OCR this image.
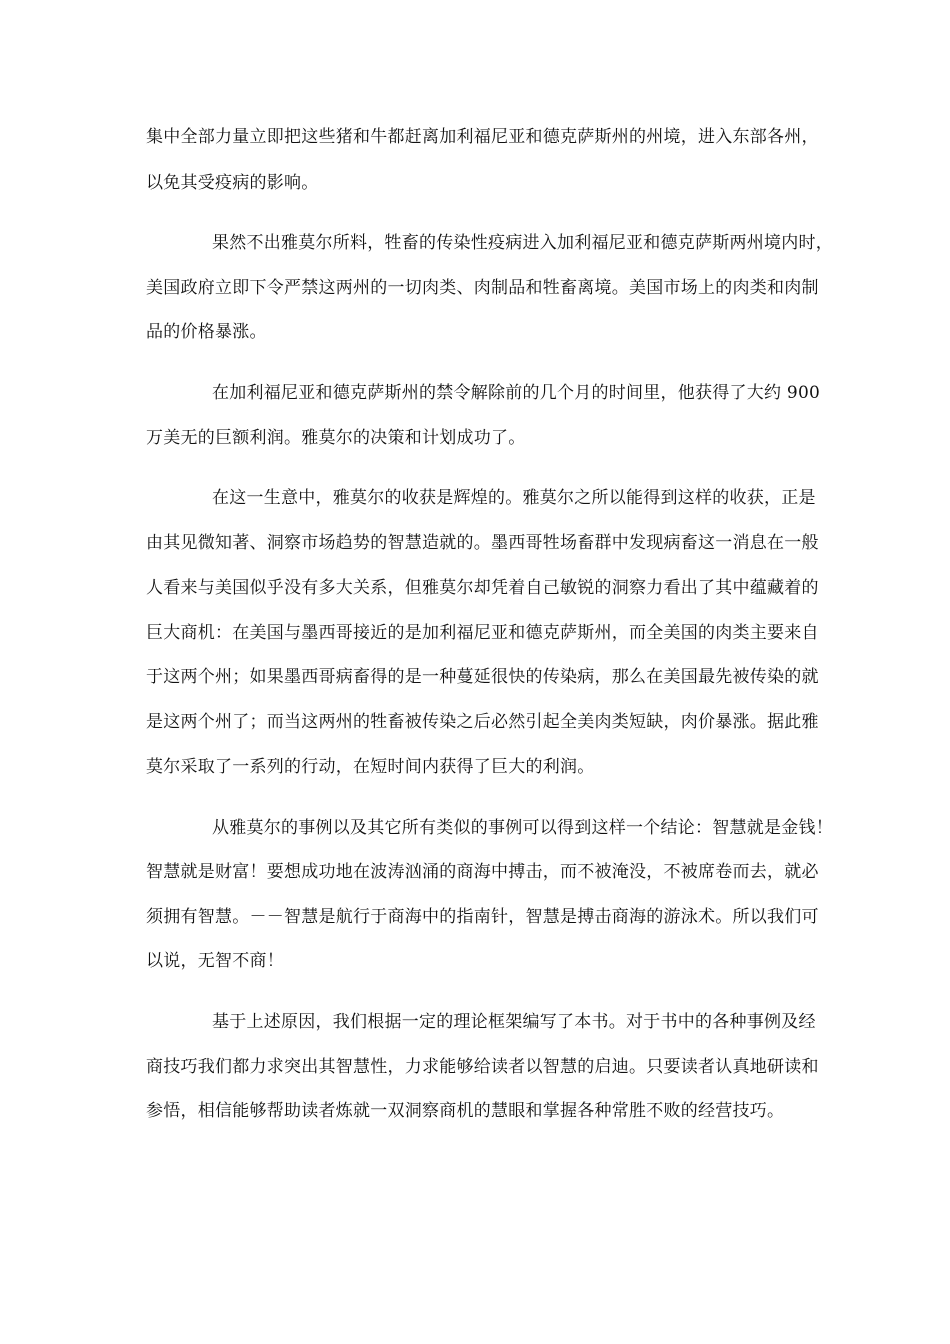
集中全部力量立即把这些猪和牛都赶离加利福尼亚和德克萨斯州的州境，进入东部各州，
以免其受疫病的影响。
果然不出雅莫尔所料，牲畜的传染性疫病进入加利福尼亚和德克萨斯两州境内时，
美国政府立即下令严禁这两州的一切肉类、肉制品和牲畜离境。美国市场上的肉类和肉制
品的价格暴涨。
在加利福尼亚和德克萨斯州的禁令解除前的几个月的时间里，他获得了大约 900
万美无的巨额利润。雅莫尔的决策和计划成功了。
在这一生意中，雅莫尔的收获是辉煌的。雅莫尔之所以能得到这样的收获，正是
由其见微知著、洞察市场趋势的智慧造就的。墨西哥牲场畜群中发现病畜这一消息在一般
人看来与美国似乎没有多大关系，但雅莫尔却凭着自己敏锐的洞察力看出了其中蕴藏着的
巨大商机：在美国与墨西哥接近的是加利福尼亚和德克萨斯州，而全美国的肉类主要来自
于这两个州；如果墨西哥病畜得的是一种蔓延很快的传染病，那么在美国最先被传染的就
是这两个州了；而当这两州的牲畜被传染之后必然引起全美肉类短缺，肉价暴涨。据此雅
莫尔采取了一系列的行动，在短时间内获得了巨大的利润。
从雅莫尔的事例以及其它所有类似的事例可以得到这样一个结论：智慧就是金钱！
智慧就是财富！要想成功地在波涛汹涌的商海中搏击，而不被淹没，不被席卷而去，就必
须拥有智慧。－－智慧是航行于商海中的指南针，智慧是搏击商海的游泳术。所以我们可
以说，无智不商！
基于上述原因，我们根据一定的理论框架编写了本书。对于书中的各种事例及经
商技巧我们都力求突出其智慧性，力求能够给读者以智慧的启迪。只要读者认真地研读和
参悟，相信能够帮助读者炼就一双洞察商机的慧眼和掌握各种常胜不败的经营技巧。
